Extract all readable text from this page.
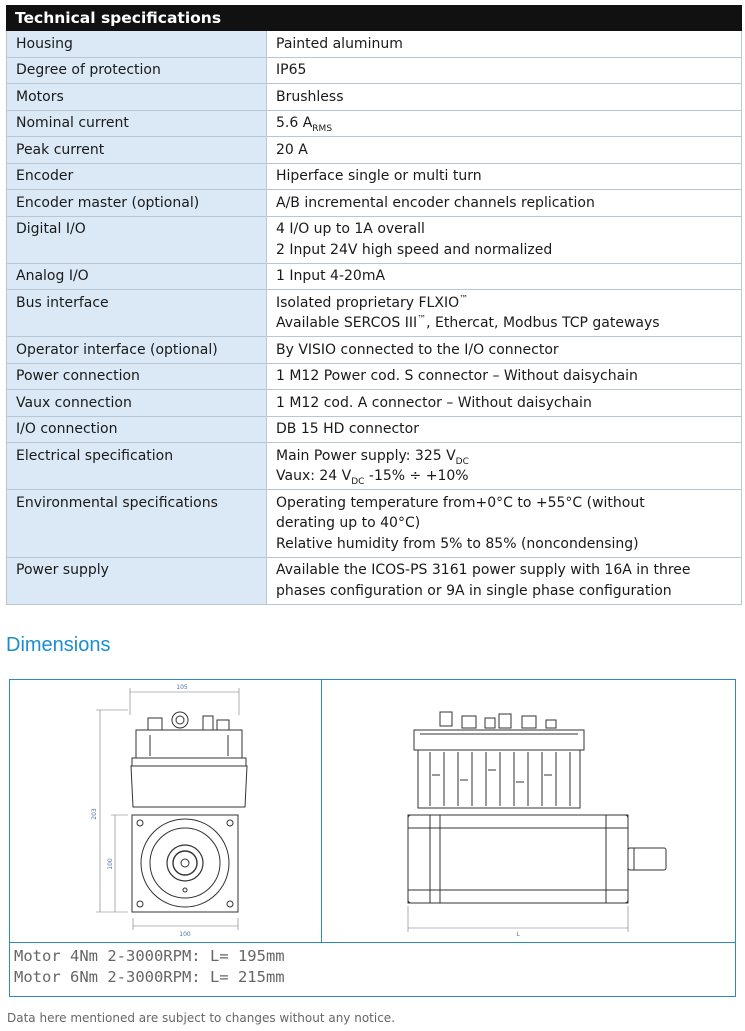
Technical specifications	
Housing	Painted aluminum
Degree of protection	IP65
Motors	Brushless
Nominal current	5.6 $A_{RMS}$
Peak current	20 A
Encoder	Hiperface single or multi turn
Encoder master (optional)	A/B incremental encoder channels replication
Digital I/O	4 I/O up to 1A overall
2 Input 24V high speed and normalized

Analog I/O	1 Input 4-20mA
Bus interface	Isolated proprietary FLXIO™
Available SERCOS III™, Ethercat, Modbus TCP gateways

Operator interface (optional)	By VISIO connected to the I/O connector
Power connection	1 M12 Power cod. S connector – Without daisychain
Vaux connection	1 M12 cod. A connector – Without daisychain
I/O connection	DB 15 HD connector
Electrical specification	Main Power supply: 325 $V_{DC}$
Vaux: 24 $V_{DC}$ -15% ÷ +10%

Environmental specifications	Operating temperature from+0°C to +55°C (without
derating up to 40°C)
Relative humidity from 5% to 85% (noncondensing)

Power supply	Available the ICOS-PS 3161 power supply with 16A in three
phases configuration or 9A in single phase configuration
Dimensions
105
203
100
100	L
Motor 4Nm 2-3000RPM: L= 195mm
Motor 6Nm 2-3000RPM: L= 215mm
Data here mentioned are subject to changes without any notice.
